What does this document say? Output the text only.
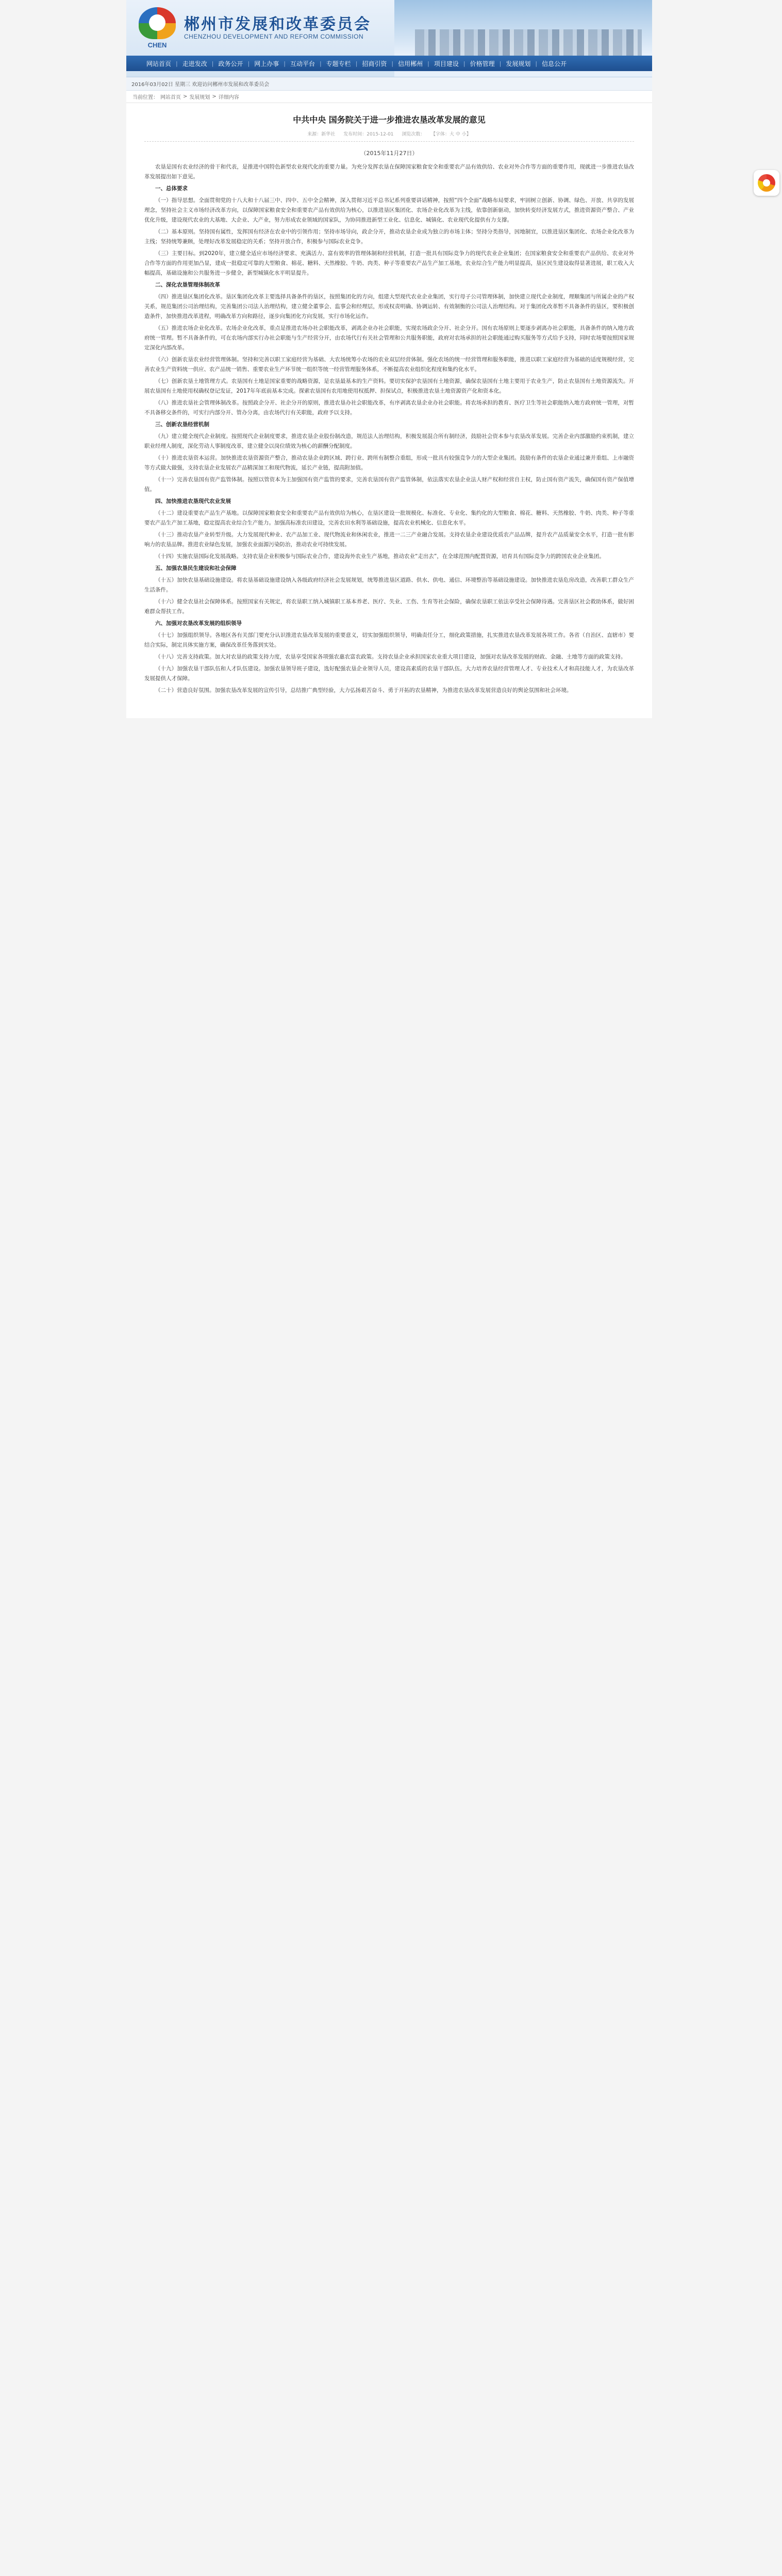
CHEN
郴州市发展和改革委员会
CHENZHOU DEVELOPMENT AND REFORM COMMISSION
网站首页 | 走进发改 | 政务公开 | 网上办事 | 互动平台 | 专题专栏 | 招商引资 | 信用郴州 | 项目建设 | 价格管理 | 发展规划 | 信息公开
2016年03月02日 星期三 欢迎访问郴州市发展和改革委员会
当前位置： 网站首页 > 发展规划 > 详细内容
中共中央 国务院关于进一步推进农垦改革发展的意见
来源：新华社 发布时间：2015-12-01 浏览次数： 【字体：大 中 小】
（2015年11月27日）

农垦是国有农业经济的骨干和代表，是推进中国特色新型农业现代化的重要力量。为充分发挥农垦在保障国家粮食安全和重要农产品有效供给、农业对外合作等方面的重要作用，现就进一步推进农垦改革发展提出如下意见。

一、总体要求

（一）指导思想。全面贯彻党的十八大和十八届三中、四中、五中全会精神，深入贯彻习近平总书记系列重要讲话精神，按照“四个全面”战略布局要求，牢固树立创新、协调、绿色、开放、共享的发展理念，坚持社会主义市场经济改革方向，以保障国家粮食安全和重要农产品有效供给为核心，以推进垦区集团化、农场企业化改革为主线，依靠创新驱动，加快转变经济发展方式，推进资源资产整合、产业优化升级，建设现代农业的大基地、大企业、大产业，努力形成农业领域的国家队，为协同推进新型工业化、信息化、城镇化、农业现代化提供有力支撑。

（二）基本原则。坚持国有属性，发挥国有经济在农业中的引领作用；坚持市场导向，政企分开，推动农垦企业成为独立的市场主体；坚持分类指导，因地制宜，以推进垦区集团化、农场企业化改革为主线；坚持统筹兼顾，处理好改革发展稳定的关系；坚持开放合作，积极参与国际农业竞争。

（三）主要目标。到2020年，建立健全适应市场经济要求、充满活力、富有效率的管理体制和经营机制，打造一批具有国际竞争力的现代农业企业集团；在国家粮食安全和重要农产品供给、农业对外合作等方面的作用更加凸显，建成一批稳定可靠的大型粮食、棉花、糖料、天然橡胶、牛奶、肉类、种子等重要农产品生产加工基地，农业综合生产能力明显提高，垦区民生建设取得显著进展，职工收入大幅提高，基础设施和公共服务进一步健全，新型城镇化水平明显提升。

二、深化农垦管理体制改革

（四）推进垦区集团化改革。垦区集团化改革主要选择具备条件的垦区，按照集团化的方向，组建大型现代农业企业集团，实行母子公司管理体制，加快建立现代企业制度，理顺集团与所属企业的产权关系，规范集团公司治理结构，完善集团公司法人治理结构，建立健全董事会、监事会和经理层，形成权责明确、协调运转、有效制衡的公司法人治理结构。对于集团化改革暂不具备条件的垦区，要积极创造条件，加快推进改革进程，明确改革方向和路径，逐步向集团化方向发展，实行市场化运作。

（五）推进农场企业化改革。农场企业化改革，重点是推进农场办社会职能改革，剥离企业办社会职能，实现农场政企分开、社企分开。国有农场原则上要逐步剥离办社会职能，具备条件的纳入地方政府统一管理。暂不具备条件的，可在农场内部实行办社会职能与生产经营分开，由农场代行有关社会管理和公共服务职能，政府对农场承担的社会职能通过购买服务等方式给予支持，同时农场要按照国家规定深化内部改革。

（六）创新农垦农业经营管理体制。坚持和完善以职工家庭经营为基础、大农场统筹小农场的农业双层经营体制。强化农场的统一经营管理和服务职能，推进以职工家庭经营为基础的适度规模经营，完善农业生产资料统一供应、农产品统一销售、重要农业生产环节统一组织等统一经营管理服务体系，不断提高农业组织化程度和集约化水平。

（七）创新农垦土地管理方式。农垦国有土地是国家重要的战略资源，是农垦最基本的生产资料。要切实保护农垦国有土地资源，确保农垦国有土地主要用于农业生产，防止农垦国有土地资源流失。开展农垦国有土地使用权确权登记发证，2017年年底前基本完成。探索农垦国有农用地使用权抵押、担保试点，积极推进农垦土地资源资产化和资本化。

（八）推进农垦社会管理体制改革。按照政企分开、社企分开的原则，推进农垦办社会职能改革，有序剥离农垦企业办社会职能。将农场承担的教育、医疗卫生等社会职能纳入地方政府统一管理，对暂不具备移交条件的，可实行内部分开、管办分离，由农场代行有关职能，政府予以支持。

三、创新农垦经营机制

（九）建立健全现代企业制度。按照现代企业制度要求，推进农垦企业股份制改造，规范法人治理结构，积极发展混合所有制经济，鼓励社会资本参与农垦改革发展。完善企业内部激励约束机制，建立职业经理人制度，深化劳动人事制度改革，建立健全以岗位绩效为核心的薪酬分配制度。

（十）推进农垦资本运营。加快推进农垦资源资产整合，推动农垦企业跨区域、跨行业、跨所有制整合重组，形成一批具有较强竞争力的大型企业集团。鼓励有条件的农垦企业通过兼并重组、上市融资等方式做大做强，支持农垦企业发展农产品精深加工和现代物流，延长产业链，提高附加值。

（十一）完善农垦国有资产监管体制。按照以管资本为主加强国有资产监管的要求，完善农垦国有资产监管体制，依法落实农垦企业法人财产权和经营自主权，防止国有资产流失，确保国有资产保值增值。

四、加快推进农垦现代农业发展

（十二）建设重要农产品生产基地。以保障国家粮食安全和重要农产品有效供给为核心，在垦区建设一批规模化、标准化、专业化、集约化的大型粮食、棉花、糖料、天然橡胶、牛奶、肉类、种子等重要农产品生产加工基地，稳定提高农业综合生产能力。加强高标准农田建设，完善农田水利等基础设施，提高农业机械化、信息化水平。

（十三）推动农垦产业转型升级。大力发展现代种业、农产品加工业、现代物流业和休闲农业，推进一二三产业融合发展。支持农垦企业建设优质农产品品牌，提升农产品质量安全水平，打造一批有影响力的农垦品牌。推进农业绿色发展，加强农业面源污染防治，推动农业可持续发展。

（十四）实施农垦国际化发展战略。支持农垦企业积极参与国际农业合作，建设海外农业生产基地，推动农业“走出去”，在全球范围内配置资源，培育具有国际竞争力的跨国农业企业集团。

五、加强农垦民生建设和社会保障

（十五）加快农垦基础设施建设。将农垦基础设施建设纳入各级政府经济社会发展规划，统筹推进垦区道路、供水、供电、通信、环境整治等基础设施建设。加快推进农垦危房改造，改善职工群众生产生活条件。

（十六）健全农垦社会保障体系。按照国家有关规定，将农垦职工纳入城镇职工基本养老、医疗、失业、工伤、生育等社会保险，确保农垦职工依法享受社会保障待遇。完善垦区社会救助体系，做好困难群众帮扶工作。

六、加强对农垦改革发展的组织领导

（十七）加强组织领导。各地区各有关部门要充分认识推进农垦改革发展的重要意义，切实加强组织领导，明确责任分工，细化政策措施，扎实推进农垦改革发展各项工作。各省（自治区、直辖市）要结合实际，制定具体实施方案，确保改革任务落到实处。

（十八）完善支持政策。加大对农垦的政策支持力度，农垦享受国家各项强农惠农富农政策。支持农垦企业承担国家农业重大项目建设，加强对农垦改革发展的财政、金融、土地等方面的政策支持。

（十九）加强农垦干部队伍和人才队伍建设。加强农垦领导班子建设，选好配强农垦企业领导人员，建设高素质的农垦干部队伍。大力培养农垦经营管理人才、专业技术人才和高技能人才，为农垦改革发展提供人才保障。

（二十）营造良好氛围。加强农垦改革发展的宣传引导，总结推广典型经验，大力弘扬艰苦奋斗、勇于开拓的农垦精神，为推进农垦改革发展营造良好的舆论氛围和社会环境。
